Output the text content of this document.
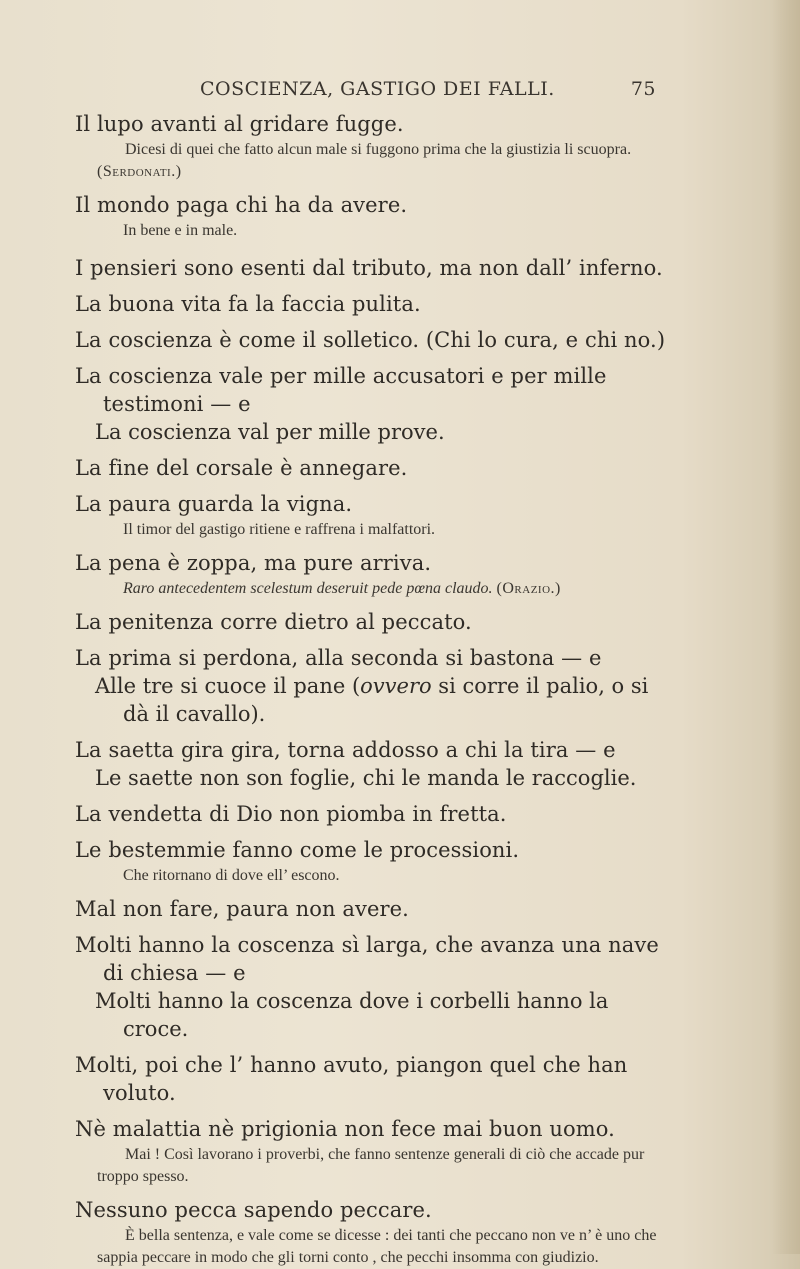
COSCIENZA, GASTIGO DEI FALLI.	75

Il lupo avanti al gridare fugge.

Dicesi di quei che fatto alcun male si fuggono prima che la giustizia li scuopra. (Serdonati.)

Il mondo paga chi ha da avere.

In bene e in male.

I pensieri sono esenti dal tributo, ma non dall’ inferno.

La buona vita fa la faccia pulita.

La coscienza è come il solletico. (Chi lo cura, e chi no.)

La coscienza vale per mille accusatori e per mille testimoni — e

La coscienza val per mille prove.

La fine del corsale è annegare.

La paura guarda la vigna.

Il timor del gastigo ritiene e raffrena i malfattori.

La pena è zoppa, ma pure arriva.

Raro antecedentem scelestum deseruit pede pœna claudo. (Orazio.)

La penitenza corre dietro al peccato.

La prima si perdona, alla seconda si bastona — e

Alle tre si cuoce il pane (ovvero si corre il palio, o si dà il cavallo).

La saetta gira gira, torna addosso a chi la tira — e

Le saette non son foglie, chi le manda le raccoglie.

La vendetta di Dio non piomba in fretta.

Le bestemmie fanno come le processioni.

Che ritornano di dove ell’ escono.

Mal non fare, paura non avere.

Molti hanno la coscenza sì larga, che avanza una nave di chiesa — e

Molti hanno la coscenza dove i corbelli hanno la croce.

Molti, poi che l’ hanno avuto, piangon quel che han voluto.

Nè malattia nè prigionia non fece mai buon uomo.

Mai ! Così lavorano i proverbi, che fanno sentenze generali di ciò che accade pur troppo spesso.

Nessuno pecca sapendo peccare.

È bella sentenza, e vale come se dicesse : dei tanti che peccano non ve n’ è uno che sappia peccare in modo che gli torni conto , che pecchi insomma con giudizio.
